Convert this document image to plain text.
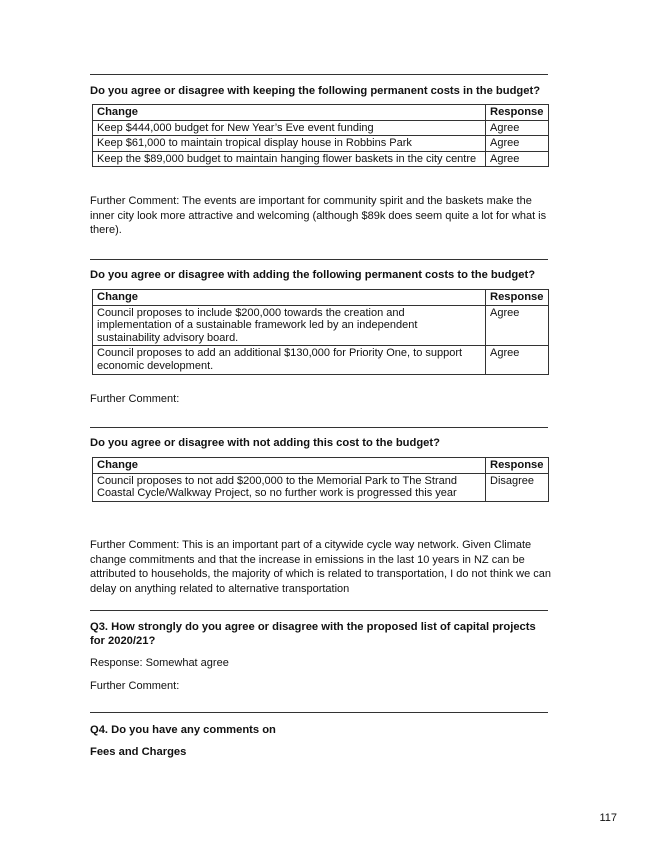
Do you agree or disagree with keeping the following permanent costs in the budget?
Change	Response
Keep $444,000 budget for New Year’s Eve event funding	Agree
Keep $61,000 to maintain tropical display house in Robbins Park	Agree
Keep the $89,000 budget to maintain hanging flower baskets in the city centre	Agree
Further Comment: The events are important for community spirit and the baskets make the inner city look more attractive and welcoming (although $89k does seem quite a lot for what is there).
Do you agree or disagree with adding the following permanent costs to the budget?
Change	Response
Council proposes to include $200,000 towards the creation and implementation of a sustainable framework led by an independent sustainability advisory board.	Agree
Council proposes to add an additional $130,000 for Priority One, to support economic development.	Agree
Further Comment:
Do you agree or disagree with not adding this cost to the budget?
Change	Response
Council proposes to not add $200,000 to the Memorial Park to The Strand Coastal Cycle/Walkway Project, so no further work is progressed this year	Disagree
Further Comment: This is an important part of a citywide cycle way network. Given Climate change commitments and that the increase in emissions in the last 10 years in NZ can be attributed to households, the majority of which is related to transportation, I do not think we can delay on anything related to alternative transportation
Q3. How strongly do you agree or disagree with the proposed list of capital projects for 2020/21?
Response: Somewhat agree
Further Comment:
Q4. Do you have any comments on
Fees and Charges
117
